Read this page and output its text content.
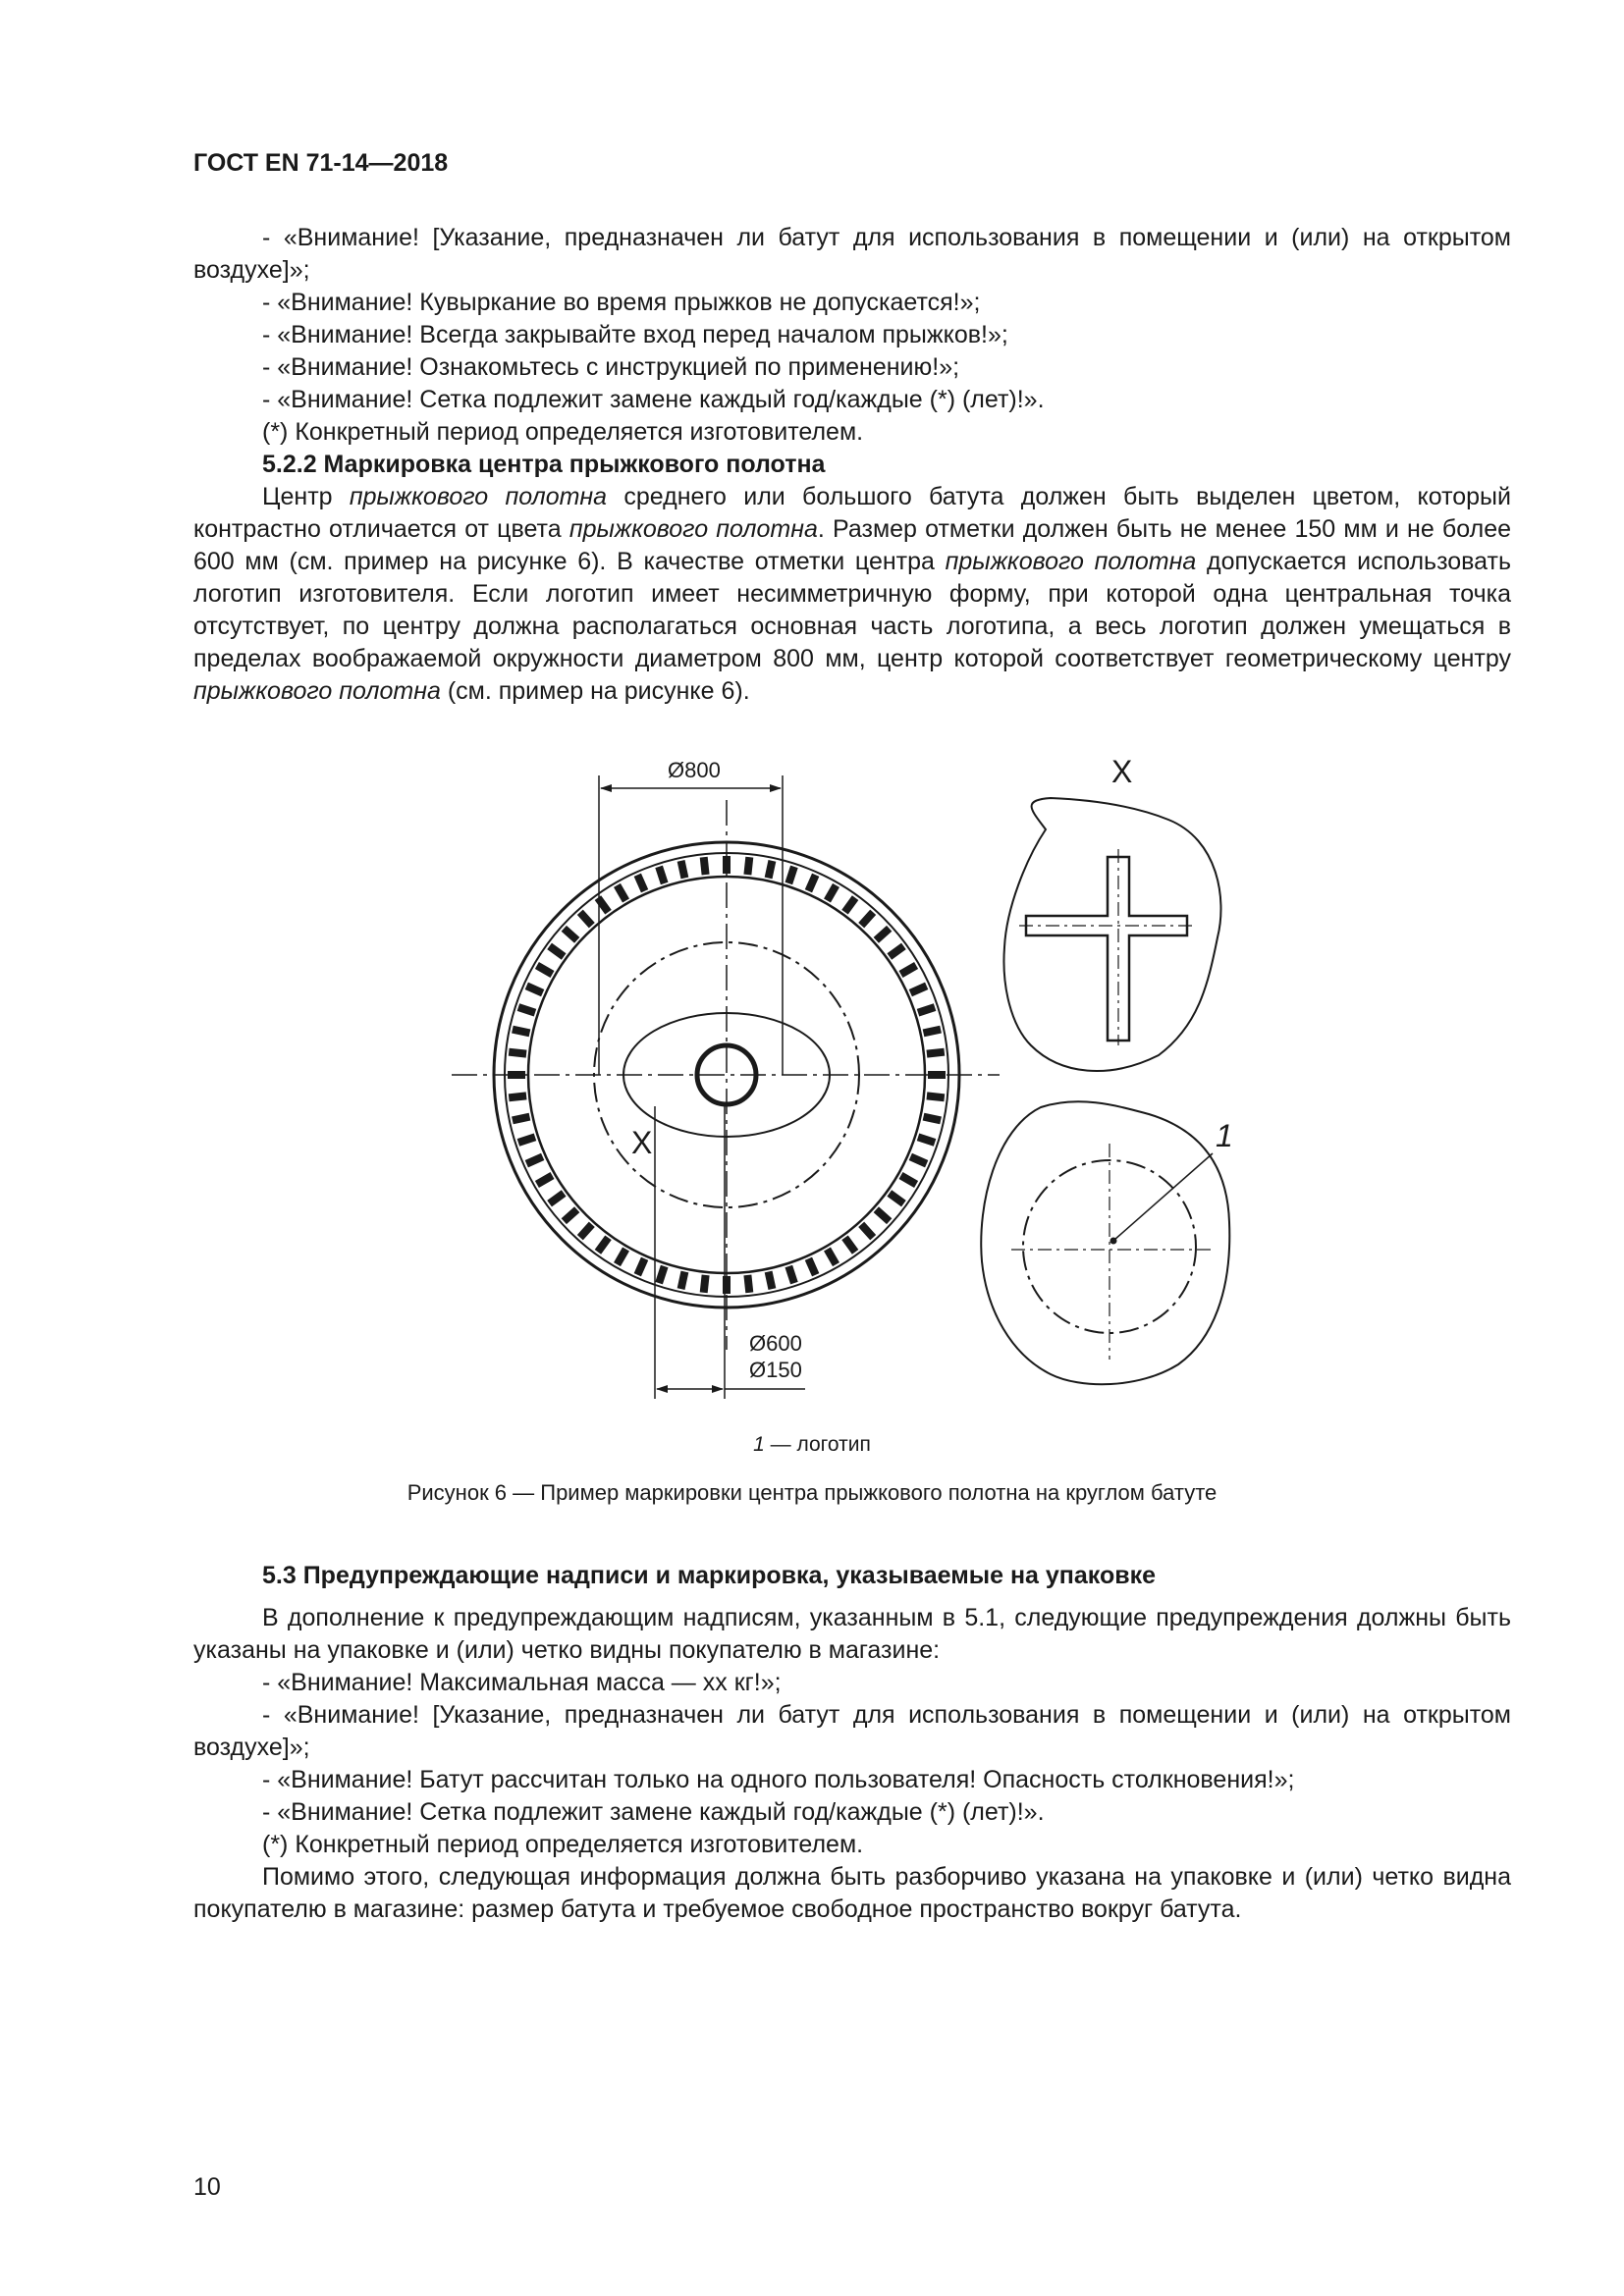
ГОСТ EN 71-14—2018

- «Внимание! [Указание, предназначен ли батут для использования в помещении и (или) на открытом воздухе]»;

- «Внимание! Кувыркание во время прыжков не допускается!»;

- «Внимание! Всегда закрывайте вход перед началом прыжков!»;

- «Внимание! Ознакомьтесь с инструкцией по применению!»;

- «Внимание! Сетка подлежит замене каждый год/каждые (*) (лет)!».

(*) Конкретный период определяется изготовителем.

5.2.2 Маркировка центра прыжкового полотна

Центр прыжкового полотна среднего или большого батута должен быть выделен цветом, который контрастно отличается от цвета прыжкового полотна. Размер отметки должен быть не менее 150 мм и не более 600 мм (см. пример на рисунке 6). В качестве отметки центра прыжкового полотна допускается использовать логотип изготовителя. Если логотип имеет несимметричную форму, при которой одна центральная точка отсутствует, по центру должна располагаться основная часть логотипа, а весь логотип должен умещаться в пределах воображаемой окружности диаметром 800 мм, центр которой соответствует геометрическому центру прыжкового полотна (см. пример на рисунке 6).

Ø800
Ø600
Ø150
X
X
1
1 — логотип
Рисунок 6 — Пример маркировки центра прыжкового полотна на круглом батуте

5.3 Предупреждающие надписи и маркировка, указываемые на упаковке

В дополнение к предупреждающим надписям, указанным в 5.1, следующие предупреждения должны быть указаны на упаковке и (или) четко видны покупателю в магазине:

- «Внимание! Максимальная масса — хх кг!»;

- «Внимание! [Указание, предназначен ли батут для использования в помещении и (или) на открытом воздухе]»;

- «Внимание! Батут рассчитан только на одного пользователя! Опасность столкновения!»;

- «Внимание! Сетка подлежит замене каждый год/каждые (*) (лет)!».

(*) Конкретный период определяется изготовителем.

Помимо этого, следующая информация должна быть разборчиво указана на упаковке и (или) четко видна покупателю в магазине: размер батута и требуемое свободное пространство вокруг батута.

10
